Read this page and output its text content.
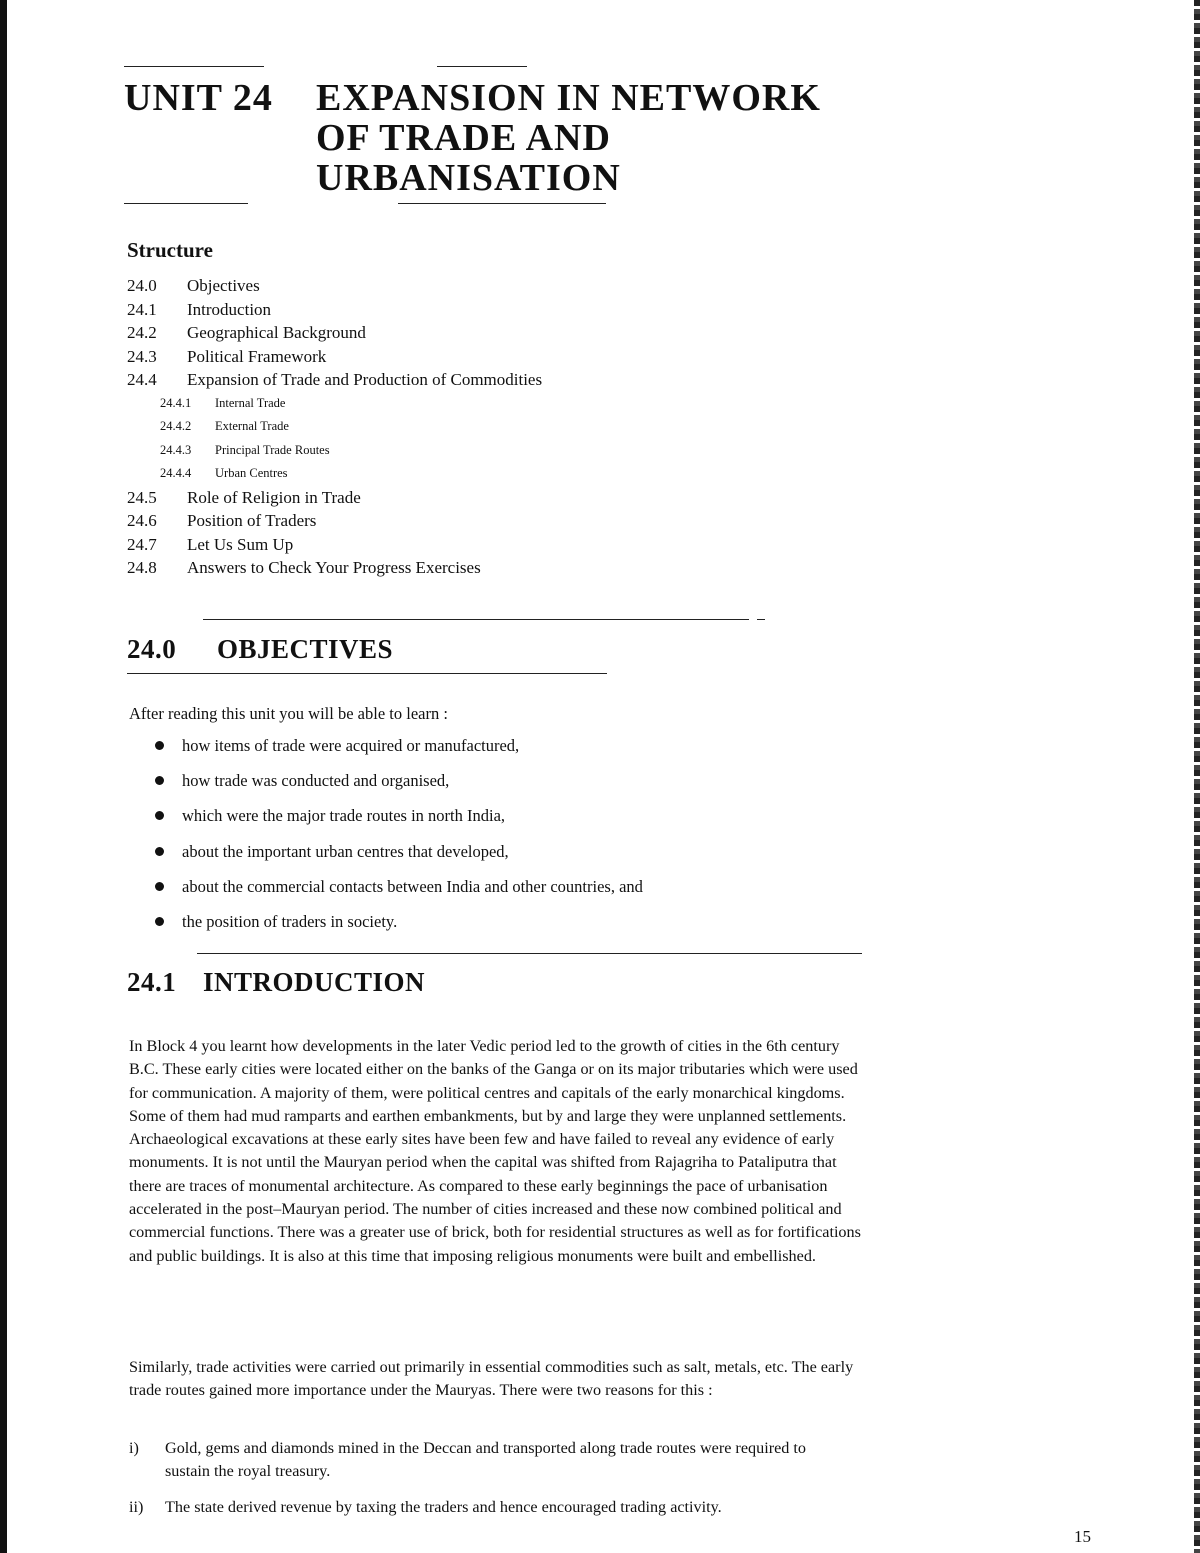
UNIT 24 EXPANSION IN NETWORK
OF TRADE AND
URBANISATION
Structure
24.0	Objectives
24.1	Introduction
24.2	Geographical Background
24.3	Political Framework
24.4	Expansion of Trade and Production of Commodities
24.4.1	Internal Trade
24.4.2	External Trade
24.4.3	Principal Trade Routes
24.4.4	Urban Centres
24.5	Role of Religion in Trade
24.6	Position of Traders
24.7	Let Us Sum Up
24.8	Answers to Check Your Progress Exercises
24.0 OBJECTIVES

After reading this unit you will be able to learn :

how items of trade were acquired or manufactured,
how trade was conducted and organised,
which were the major trade routes in north India,
about the important urban centres that developed,
about the commercial contacts between India and other countries, and
the position of traders in society.
24.1 INTRODUCTION

In Block 4 you learnt how developments in the later Vedic period led to the growth of cities in the 6th century B.C. These early cities were located either on the banks of the Ganga or on its major tributaries which were used for communication. A majority of them, were political centres and capitals of the early monarchical kingdoms. Some of them had mud ramparts and earthen embankments, but by and large they were unplanned settlements. Archaeological excavations at these early sites have been few and have failed to reveal any evidence of early monuments. It is not until the Mauryan period when the capital was shifted from Rajagriha to Pataliputra that there are traces of monumental architecture. As compared to these early beginnings the pace of urbanisation accelerated in the post–Mauryan period. The number of cities increased and these now combined political and commercial functions. There was a greater use of brick, both for residential structures as well as for fortifications and public buildings. It is also at this time that imposing religious monuments were built and embellished.

Similarly, trade activities were carried out primarily in essential commodities such as salt, metals, etc. The early trade routes gained more importance under the Mauryas. There were two reasons for this :

i)	Gold, gems and diamonds mined in the Deccan and transported along trade routes were required to sustain the royal treasury.
ii)	The state derived revenue by taxing the traders and hence encouraged trading activity.
15
